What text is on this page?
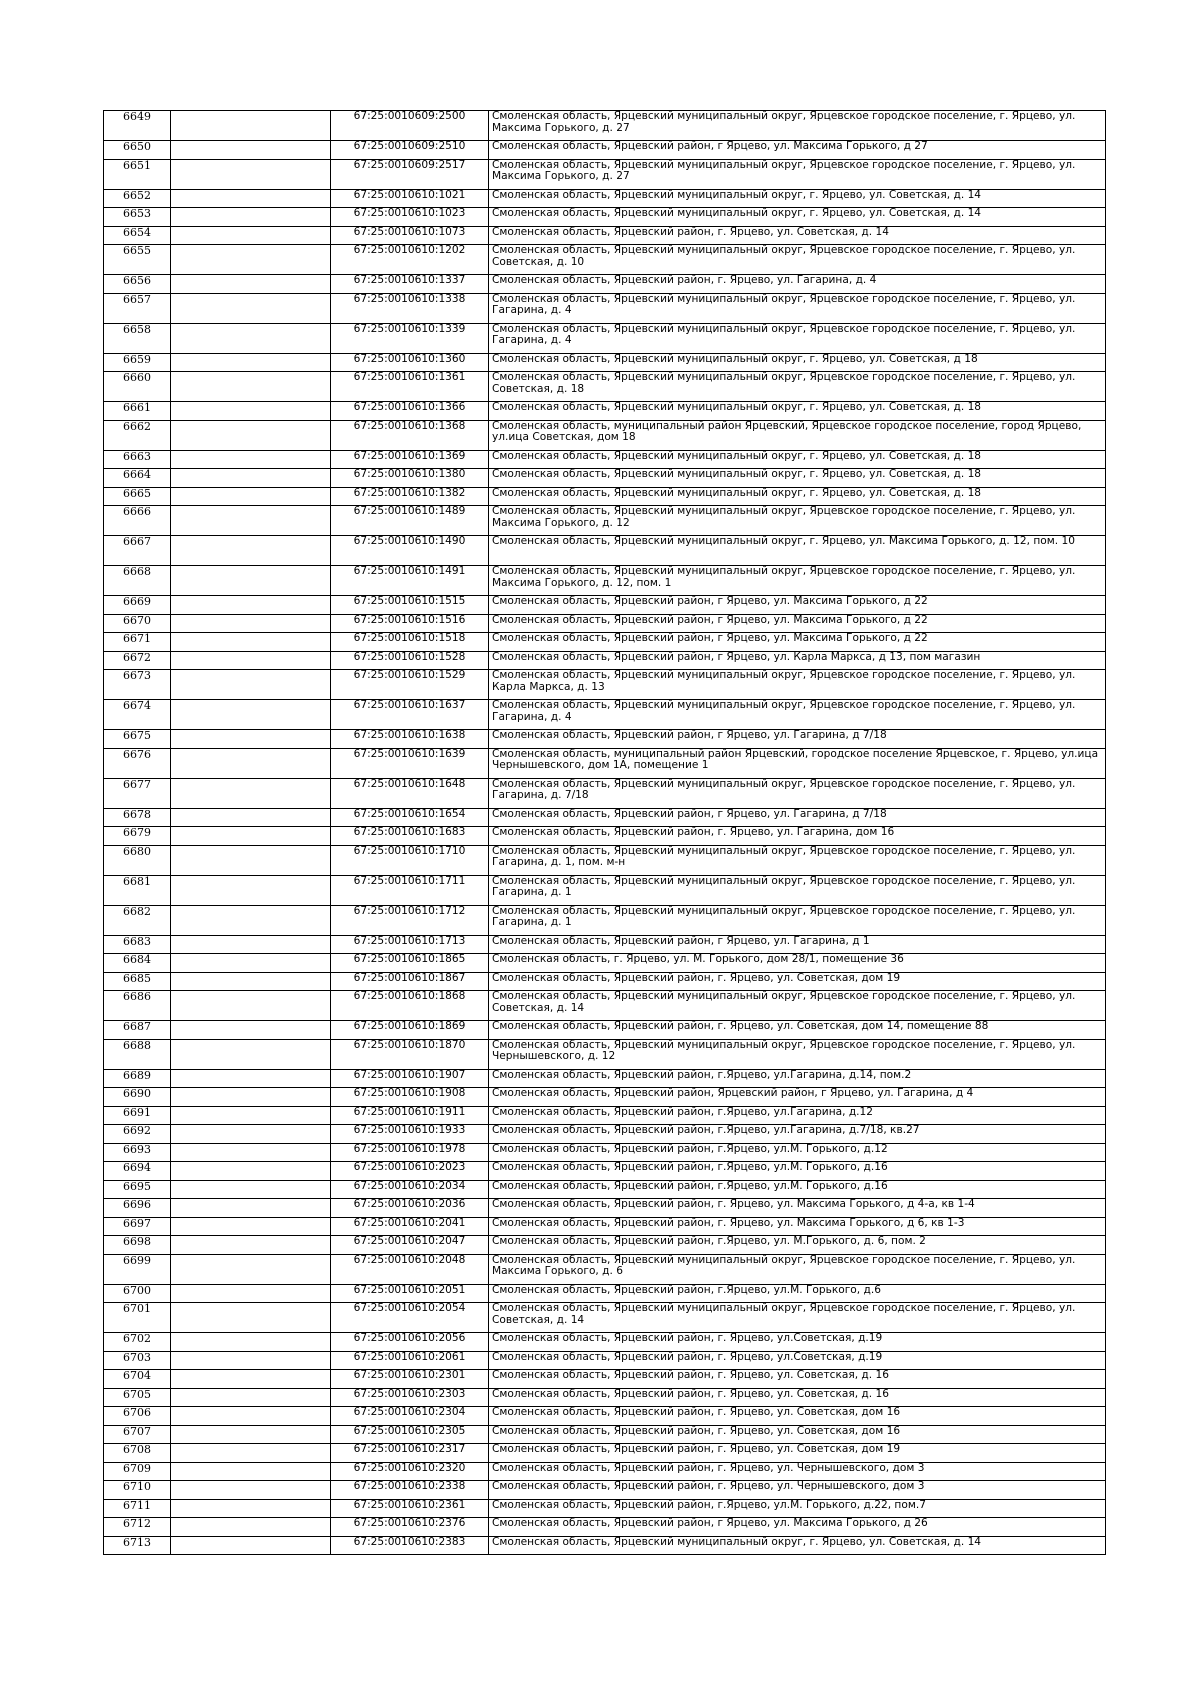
6649		67:25:0010609:2500	Смоленская область, Ярцевский муниципальный округ, Ярцевское городское поселение, г. Ярцево, ул. Максима Горького, д. 27
6650		67:25:0010609:2510	Смоленская область, Ярцевский район, г Ярцево, ул. Максима Горького, д 27
6651		67:25:0010609:2517	Смоленская область, Ярцевский муниципальный округ, Ярцевское городское поселение, г. Ярцево, ул. Максима Горького, д. 27
6652		67:25:0010610:1021	Смоленская область, Ярцевский муниципальный округ, г. Ярцево, ул. Советская, д. 14
6653		67:25:0010610:1023	Смоленская область, Ярцевский муниципальный округ, г. Ярцево, ул. Советская, д. 14
6654		67:25:0010610:1073	Смоленская область, Ярцевский район, г. Ярцево, ул. Советская, д. 14
6655		67:25:0010610:1202	Смоленская область, Ярцевский муниципальный округ, Ярцевское городское поселение, г. Ярцево, ул. Советская, д. 10
6656		67:25:0010610:1337	Смоленская область, Ярцевский район, г. Ярцево, ул. Гагарина, д. 4
6657		67:25:0010610:1338	Смоленская область, Ярцевский муниципальный округ, Ярцевское городское поселение, г. Ярцево, ул. Гагарина, д. 4
6658		67:25:0010610:1339	Смоленская область, Ярцевский муниципальный округ, Ярцевское городское поселение, г. Ярцево, ул. Гагарина, д. 4
6659		67:25:0010610:1360	Смоленская область, Ярцевский муниципальный округ, г. Ярцево, ул. Советская, д 18
6660		67:25:0010610:1361	Смоленская область, Ярцевский муниципальный округ, Ярцевское городское поселение, г. Ярцево, ул. Советская, д. 18
6661		67:25:0010610:1366	Смоленская область, Ярцевский муниципальный округ, г. Ярцево, ул. Советская, д. 18
6662		67:25:0010610:1368	Смоленская область, муниципальный район Ярцевский, Ярцевское городское поселение, город Ярцево, ул.ица Советская, дом 18
6663		67:25:0010610:1369	Смоленская область, Ярцевский муниципальный округ, г. Ярцево, ул. Советская, д. 18
6664		67:25:0010610:1380	Смоленская область, Ярцевский муниципальный округ, г. Ярцево, ул. Советская, д. 18
6665		67:25:0010610:1382	Смоленская область, Ярцевский муниципальный округ, г. Ярцево, ул. Советская, д. 18
6666		67:25:0010610:1489	Смоленская область, Ярцевский муниципальный округ, Ярцевское городское поселение, г. Ярцево, ул. Максима Горького, д. 12
6667		67:25:0010610:1490	Смоленская область, Ярцевский муниципальный округ, г. Ярцево, ул. Максима Горького, д. 12, пом. 10
6668		67:25:0010610:1491	Смоленская область, Ярцевский муниципальный округ, Ярцевское городское поселение, г. Ярцево, ул. Максима Горького, д. 12, пом. 1
6669		67:25:0010610:1515	Смоленская область, Ярцевский район, г Ярцево, ул. Максима Горького, д 22
6670		67:25:0010610:1516	Смоленская область, Ярцевский район, г Ярцево, ул. Максима Горького, д 22
6671		67:25:0010610:1518	Смоленская область, Ярцевский район, г Ярцево, ул. Максима Горького, д 22
6672		67:25:0010610:1528	Смоленская область, Ярцевский район, г Ярцево, ул. Карла Маркса, д 13, пом магазин
6673		67:25:0010610:1529	Смоленская область, Ярцевский муниципальный округ, Ярцевское городское поселение, г. Ярцево, ул. Карла Маркса, д. 13
6674		67:25:0010610:1637	Смоленская область, Ярцевский муниципальный округ, Ярцевское городское поселение, г. Ярцево, ул. Гагарина, д. 4
6675		67:25:0010610:1638	Смоленская область, Ярцевский район, г Ярцево, ул. Гагарина, д 7/18
6676		67:25:0010610:1639	Смоленская область, муниципальный район Ярцевский, городское поселение Ярцевское, г. Ярцево, ул.ица Чернышевского, дом 1А, помещение 1
6677		67:25:0010610:1648	Смоленская область, Ярцевский муниципальный округ, Ярцевское городское поселение, г. Ярцево, ул. Гагарина, д. 7/18
6678		67:25:0010610:1654	Смоленская область, Ярцевский район, г Ярцево, ул. Гагарина, д 7/18
6679		67:25:0010610:1683	Смоленская область, Ярцевский район, г. Ярцево, ул. Гагарина, дом 16
6680		67:25:0010610:1710	Смоленская область, Ярцевский муниципальный округ, Ярцевское городское поселение, г. Ярцево, ул. Гагарина, д. 1, пом. м-н
6681		67:25:0010610:1711	Смоленская область, Ярцевский муниципальный округ, Ярцевское городское поселение, г. Ярцево, ул. Гагарина, д. 1
6682		67:25:0010610:1712	Смоленская область, Ярцевский муниципальный округ, Ярцевское городское поселение, г. Ярцево, ул. Гагарина, д. 1
6683		67:25:0010610:1713	Смоленская область, Ярцевский район, г Ярцево, ул. Гагарина, д 1
6684		67:25:0010610:1865	Смоленская область, г. Ярцево, ул. М. Горького, дом 28/1, помещение 36
6685		67:25:0010610:1867	Смоленская область, Ярцевский район, г. Ярцево, ул. Советская, дом 19
6686		67:25:0010610:1868	Смоленская область, Ярцевский муниципальный округ, Ярцевское городское поселение, г. Ярцево, ул. Советская, д. 14
6687		67:25:0010610:1869	Смоленская область, Ярцевский район, г. Ярцево, ул. Советская, дом 14, помещение 88
6688		67:25:0010610:1870	Смоленская область, Ярцевский муниципальный округ, Ярцевское городское поселение, г. Ярцево, ул. Чернышевского, д. 12
6689		67:25:0010610:1907	Смоленская область, Ярцевский район, г.Ярцево, ул.Гагарина, д.14, пом.2
6690		67:25:0010610:1908	Смоленская область, Ярцевский район, Ярцевский район, г Ярцево, ул. Гагарина, д 4
6691		67:25:0010610:1911	Смоленская область, Ярцевский район, г.Ярцево, ул.Гагарина, д.12
6692		67:25:0010610:1933	Смоленская область, Ярцевский район, г.Ярцево, ул.Гагарина, д.7/18, кв.27
6693		67:25:0010610:1978	Смоленская область, Ярцевский район, г.Ярцево, ул.М. Горького, д.12
6694		67:25:0010610:2023	Смоленская область, Ярцевский район, г.Ярцево, ул.М. Горького, д.16
6695		67:25:0010610:2034	Смоленская область, Ярцевский район, г.Ярцево, ул.М. Горького, д.16
6696		67:25:0010610:2036	Смоленская область, Ярцевский район, г. Ярцево, ул. Максима Горького, д 4-а, кв 1-4
6697		67:25:0010610:2041	Смоленская область, Ярцевский район, г. Ярцево, ул. Максима Горького, д 6, кв 1-3
6698		67:25:0010610:2047	Смоленская область, Ярцевский район, г.Ярцево, ул. М.Горького, д. 6, пом. 2
6699		67:25:0010610:2048	Смоленская область, Ярцевский муниципальный округ, Ярцевское городское поселение, г. Ярцево, ул. Максима Горького, д. 6
6700		67:25:0010610:2051	Смоленская область, Ярцевский район, г.Ярцево, ул.М. Горького, д.6
6701		67:25:0010610:2054	Смоленская область, Ярцевский муниципальный округ, Ярцевское городское поселение, г. Ярцево, ул. Советская, д. 14
6702		67:25:0010610:2056	Смоленская область, Ярцевский район, г. Ярцево, ул.Советская, д.19
6703		67:25:0010610:2061	Смоленская область, Ярцевский район, г. Ярцево, ул.Советская, д.19
6704		67:25:0010610:2301	Смоленская область, Ярцевский район, г. Ярцево, ул. Советская, д. 16
6705		67:25:0010610:2303	Смоленская область, Ярцевский район, г. Ярцево, ул. Советская, д. 16
6706		67:25:0010610:2304	Смоленская область, Ярцевский район, г. Ярцево, ул. Советская, дом 16
6707		67:25:0010610:2305	Смоленская область, Ярцевский район, г. Ярцево, ул. Советская, дом 16
6708		67:25:0010610:2317	Смоленская область, Ярцевский район, г. Ярцево, ул. Советская, дом 19
6709		67:25:0010610:2320	Смоленская область, Ярцевский район, г. Ярцево, ул. Чернышевского, дом 3
6710		67:25:0010610:2338	Смоленская область, Ярцевский район, г. Ярцево, ул. Чернышевского, дом 3
6711		67:25:0010610:2361	Смоленская область, Ярцевский район, г.Ярцево, ул.М. Горького, д.22, пом.7
6712		67:25:0010610:2376	Смоленская область, Ярцевский район, г Ярцево, ул. Максима Горького, д 26
6713		67:25:0010610:2383	Смоленская область, Ярцевский муниципальный округ, г. Ярцево, ул. Советская, д. 14
